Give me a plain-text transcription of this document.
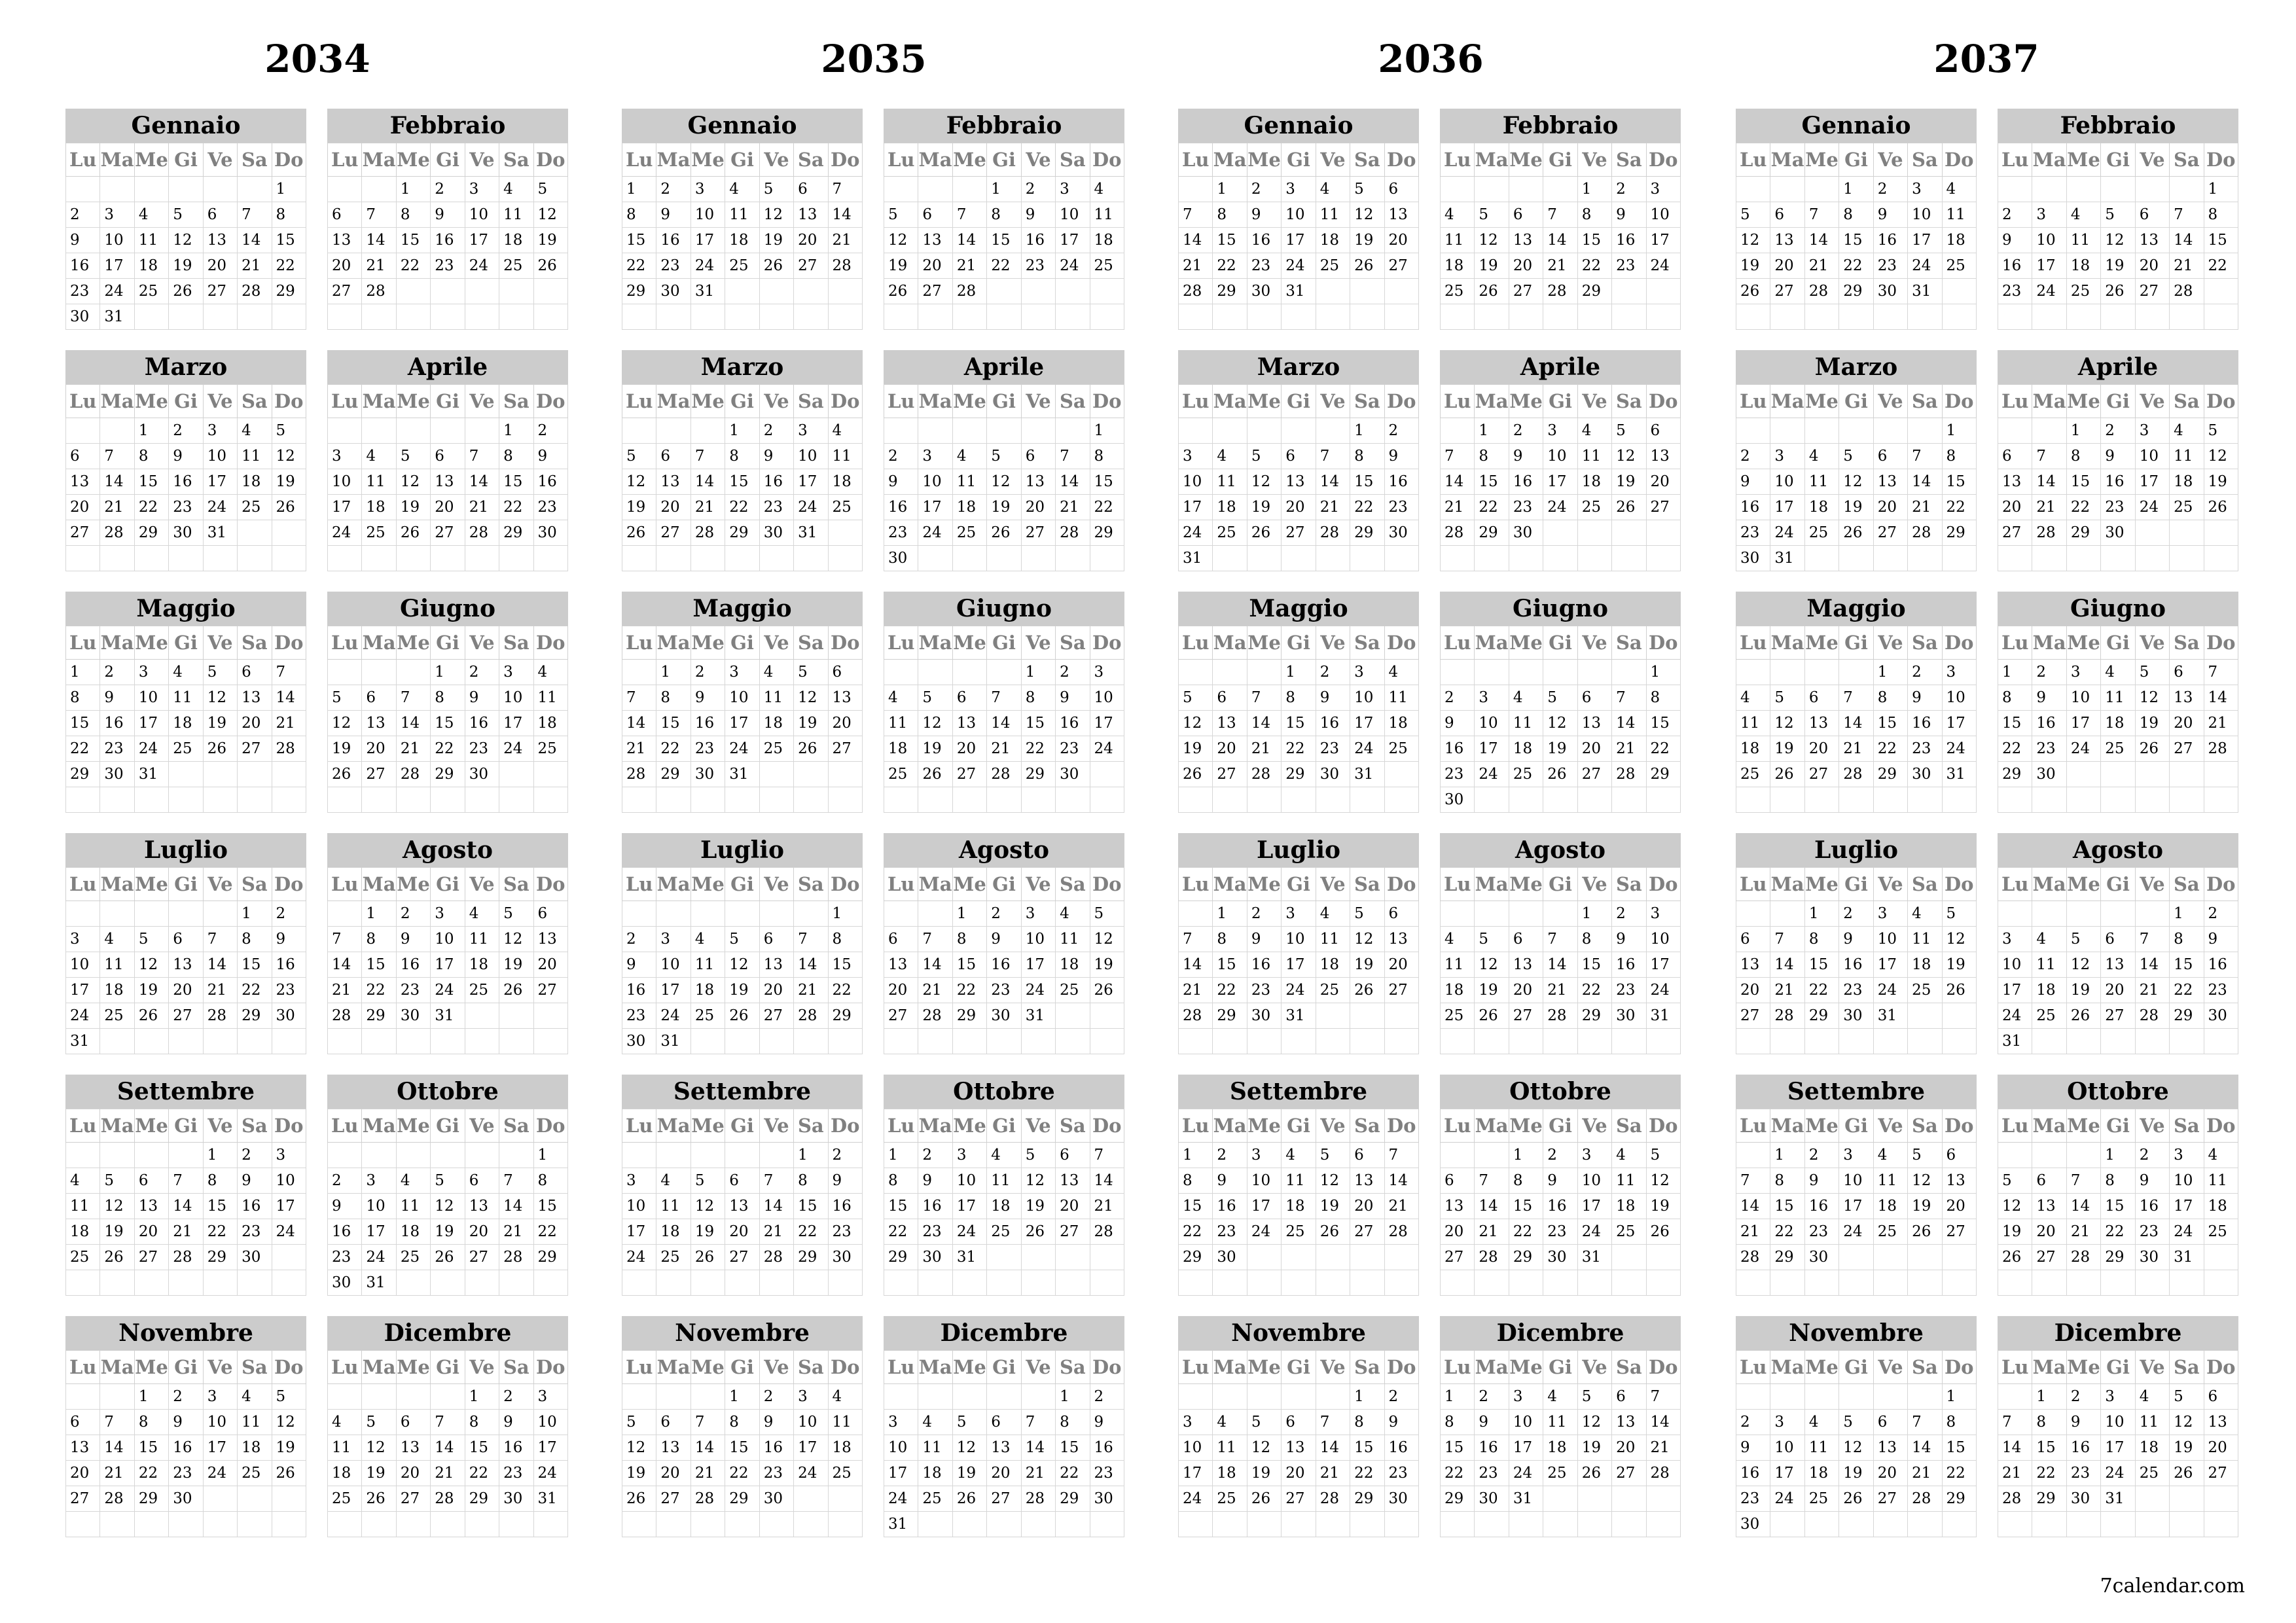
2034
Gennaio
Lu	Ma	Me	Gi	Ve	Sa	Do
						1
2	3	4	5	6	7	8
9	10	11	12	13	14	15
16	17	18	19	20	21	22
23	24	25	26	27	28	29
30	31					
Febbraio
Lu	Ma	Me	Gi	Ve	Sa	Do
		1	2	3	4	5
6	7	8	9	10	11	12
13	14	15	16	17	18	19
20	21	22	23	24	25	26
27	28					

Marzo
Lu	Ma	Me	Gi	Ve	Sa	Do
		1	2	3	4	5
6	7	8	9	10	11	12
13	14	15	16	17	18	19
20	21	22	23	24	25	26
27	28	29	30	31		

Aprile
Lu	Ma	Me	Gi	Ve	Sa	Do
					1	2
3	4	5	6	7	8	9
10	11	12	13	14	15	16
17	18	19	20	21	22	23
24	25	26	27	28	29	30

Maggio
Lu	Ma	Me	Gi	Ve	Sa	Do
1	2	3	4	5	6	7
8	9	10	11	12	13	14
15	16	17	18	19	20	21
22	23	24	25	26	27	28
29	30	31				

Giugno
Lu	Ma	Me	Gi	Ve	Sa	Do
			1	2	3	4
5	6	7	8	9	10	11
12	13	14	15	16	17	18
19	20	21	22	23	24	25
26	27	28	29	30		

Luglio
Lu	Ma	Me	Gi	Ve	Sa	Do
					1	2
3	4	5	6	7	8	9
10	11	12	13	14	15	16
17	18	19	20	21	22	23
24	25	26	27	28	29	30
31						
Agosto
Lu	Ma	Me	Gi	Ve	Sa	Do
	1	2	3	4	5	6
7	8	9	10	11	12	13
14	15	16	17	18	19	20
21	22	23	24	25	26	27
28	29	30	31			

Settembre
Lu	Ma	Me	Gi	Ve	Sa	Do
				1	2	3
4	5	6	7	8	9	10
11	12	13	14	15	16	17
18	19	20	21	22	23	24
25	26	27	28	29	30	

Ottobre
Lu	Ma	Me	Gi	Ve	Sa	Do
						1
2	3	4	5	6	7	8
9	10	11	12	13	14	15
16	17	18	19	20	21	22
23	24	25	26	27	28	29
30	31					
Novembre
Lu	Ma	Me	Gi	Ve	Sa	Do
		1	2	3	4	5
6	7	8	9	10	11	12
13	14	15	16	17	18	19
20	21	22	23	24	25	26
27	28	29	30			

Dicembre
Lu	Ma	Me	Gi	Ve	Sa	Do
				1	2	3
4	5	6	7	8	9	10
11	12	13	14	15	16	17
18	19	20	21	22	23	24
25	26	27	28	29	30	31

2035
Gennaio
Lu	Ma	Me	Gi	Ve	Sa	Do
1	2	3	4	5	6	7
8	9	10	11	12	13	14
15	16	17	18	19	20	21
22	23	24	25	26	27	28
29	30	31				

Febbraio
Lu	Ma	Me	Gi	Ve	Sa	Do
			1	2	3	4
5	6	7	8	9	10	11
12	13	14	15	16	17	18
19	20	21	22	23	24	25
26	27	28				

Marzo
Lu	Ma	Me	Gi	Ve	Sa	Do
			1	2	3	4
5	6	7	8	9	10	11
12	13	14	15	16	17	18
19	20	21	22	23	24	25
26	27	28	29	30	31	

Aprile
Lu	Ma	Me	Gi	Ve	Sa	Do
						1
2	3	4	5	6	7	8
9	10	11	12	13	14	15
16	17	18	19	20	21	22
23	24	25	26	27	28	29
30						
Maggio
Lu	Ma	Me	Gi	Ve	Sa	Do
	1	2	3	4	5	6
7	8	9	10	11	12	13
14	15	16	17	18	19	20
21	22	23	24	25	26	27
28	29	30	31			

Giugno
Lu	Ma	Me	Gi	Ve	Sa	Do
				1	2	3
4	5	6	7	8	9	10
11	12	13	14	15	16	17
18	19	20	21	22	23	24
25	26	27	28	29	30	

Luglio
Lu	Ma	Me	Gi	Ve	Sa	Do
						1
2	3	4	5	6	7	8
9	10	11	12	13	14	15
16	17	18	19	20	21	22
23	24	25	26	27	28	29
30	31					
Agosto
Lu	Ma	Me	Gi	Ve	Sa	Do
		1	2	3	4	5
6	7	8	9	10	11	12
13	14	15	16	17	18	19
20	21	22	23	24	25	26
27	28	29	30	31		

Settembre
Lu	Ma	Me	Gi	Ve	Sa	Do
					1	2
3	4	5	6	7	8	9
10	11	12	13	14	15	16
17	18	19	20	21	22	23
24	25	26	27	28	29	30

Ottobre
Lu	Ma	Me	Gi	Ve	Sa	Do
1	2	3	4	5	6	7
8	9	10	11	12	13	14
15	16	17	18	19	20	21
22	23	24	25	26	27	28
29	30	31				

Novembre
Lu	Ma	Me	Gi	Ve	Sa	Do
			1	2	3	4
5	6	7	8	9	10	11
12	13	14	15	16	17	18
19	20	21	22	23	24	25
26	27	28	29	30		

Dicembre
Lu	Ma	Me	Gi	Ve	Sa	Do
					1	2
3	4	5	6	7	8	9
10	11	12	13	14	15	16
17	18	19	20	21	22	23
24	25	26	27	28	29	30
31						
2036
Gennaio
Lu	Ma	Me	Gi	Ve	Sa	Do
	1	2	3	4	5	6
7	8	9	10	11	12	13
14	15	16	17	18	19	20
21	22	23	24	25	26	27
28	29	30	31			

Febbraio
Lu	Ma	Me	Gi	Ve	Sa	Do
				1	2	3
4	5	6	7	8	9	10
11	12	13	14	15	16	17
18	19	20	21	22	23	24
25	26	27	28	29		

Marzo
Lu	Ma	Me	Gi	Ve	Sa	Do
					1	2
3	4	5	6	7	8	9
10	11	12	13	14	15	16
17	18	19	20	21	22	23
24	25	26	27	28	29	30
31						
Aprile
Lu	Ma	Me	Gi	Ve	Sa	Do
	1	2	3	4	5	6
7	8	9	10	11	12	13
14	15	16	17	18	19	20
21	22	23	24	25	26	27
28	29	30				

Maggio
Lu	Ma	Me	Gi	Ve	Sa	Do
			1	2	3	4
5	6	7	8	9	10	11
12	13	14	15	16	17	18
19	20	21	22	23	24	25
26	27	28	29	30	31	

Giugno
Lu	Ma	Me	Gi	Ve	Sa	Do
						1
2	3	4	5	6	7	8
9	10	11	12	13	14	15
16	17	18	19	20	21	22
23	24	25	26	27	28	29
30						
Luglio
Lu	Ma	Me	Gi	Ve	Sa	Do
	1	2	3	4	5	6
7	8	9	10	11	12	13
14	15	16	17	18	19	20
21	22	23	24	25	26	27
28	29	30	31			

Agosto
Lu	Ma	Me	Gi	Ve	Sa	Do
				1	2	3
4	5	6	7	8	9	10
11	12	13	14	15	16	17
18	19	20	21	22	23	24
25	26	27	28	29	30	31

Settembre
Lu	Ma	Me	Gi	Ve	Sa	Do
1	2	3	4	5	6	7
8	9	10	11	12	13	14
15	16	17	18	19	20	21
22	23	24	25	26	27	28
29	30					

Ottobre
Lu	Ma	Me	Gi	Ve	Sa	Do
		1	2	3	4	5
6	7	8	9	10	11	12
13	14	15	16	17	18	19
20	21	22	23	24	25	26
27	28	29	30	31		

Novembre
Lu	Ma	Me	Gi	Ve	Sa	Do
					1	2
3	4	5	6	7	8	9
10	11	12	13	14	15	16
17	18	19	20	21	22	23
24	25	26	27	28	29	30

Dicembre
Lu	Ma	Me	Gi	Ve	Sa	Do
1	2	3	4	5	6	7
8	9	10	11	12	13	14
15	16	17	18	19	20	21
22	23	24	25	26	27	28
29	30	31				

2037
Gennaio
Lu	Ma	Me	Gi	Ve	Sa	Do
			1	2	3	4
5	6	7	8	9	10	11
12	13	14	15	16	17	18
19	20	21	22	23	24	25
26	27	28	29	30	31	

Febbraio
Lu	Ma	Me	Gi	Ve	Sa	Do
						1
2	3	4	5	6	7	8
9	10	11	12	13	14	15
16	17	18	19	20	21	22
23	24	25	26	27	28	

Marzo
Lu	Ma	Me	Gi	Ve	Sa	Do
						1
2	3	4	5	6	7	8
9	10	11	12	13	14	15
16	17	18	19	20	21	22
23	24	25	26	27	28	29
30	31					
Aprile
Lu	Ma	Me	Gi	Ve	Sa	Do
		1	2	3	4	5
6	7	8	9	10	11	12
13	14	15	16	17	18	19
20	21	22	23	24	25	26
27	28	29	30			

Maggio
Lu	Ma	Me	Gi	Ve	Sa	Do
				1	2	3
4	5	6	7	8	9	10
11	12	13	14	15	16	17
18	19	20	21	22	23	24
25	26	27	28	29	30	31

Giugno
Lu	Ma	Me	Gi	Ve	Sa	Do
1	2	3	4	5	6	7
8	9	10	11	12	13	14
15	16	17	18	19	20	21
22	23	24	25	26	27	28
29	30					

Luglio
Lu	Ma	Me	Gi	Ve	Sa	Do
		1	2	3	4	5
6	7	8	9	10	11	12
13	14	15	16	17	18	19
20	21	22	23	24	25	26
27	28	29	30	31		

Agosto
Lu	Ma	Me	Gi	Ve	Sa	Do
					1	2
3	4	5	6	7	8	9
10	11	12	13	14	15	16
17	18	19	20	21	22	23
24	25	26	27	28	29	30
31						
Settembre
Lu	Ma	Me	Gi	Ve	Sa	Do
	1	2	3	4	5	6
7	8	9	10	11	12	13
14	15	16	17	18	19	20
21	22	23	24	25	26	27
28	29	30				

Ottobre
Lu	Ma	Me	Gi	Ve	Sa	Do
			1	2	3	4
5	6	7	8	9	10	11
12	13	14	15	16	17	18
19	20	21	22	23	24	25
26	27	28	29	30	31	

Novembre
Lu	Ma	Me	Gi	Ve	Sa	Do
						1
2	3	4	5	6	7	8
9	10	11	12	13	14	15
16	17	18	19	20	21	22
23	24	25	26	27	28	29
30						
Dicembre
Lu	Ma	Me	Gi	Ve	Sa	Do
	1	2	3	4	5	6
7	8	9	10	11	12	13
14	15	16	17	18	19	20
21	22	23	24	25	26	27
28	29	30	31			

7calendar.com
